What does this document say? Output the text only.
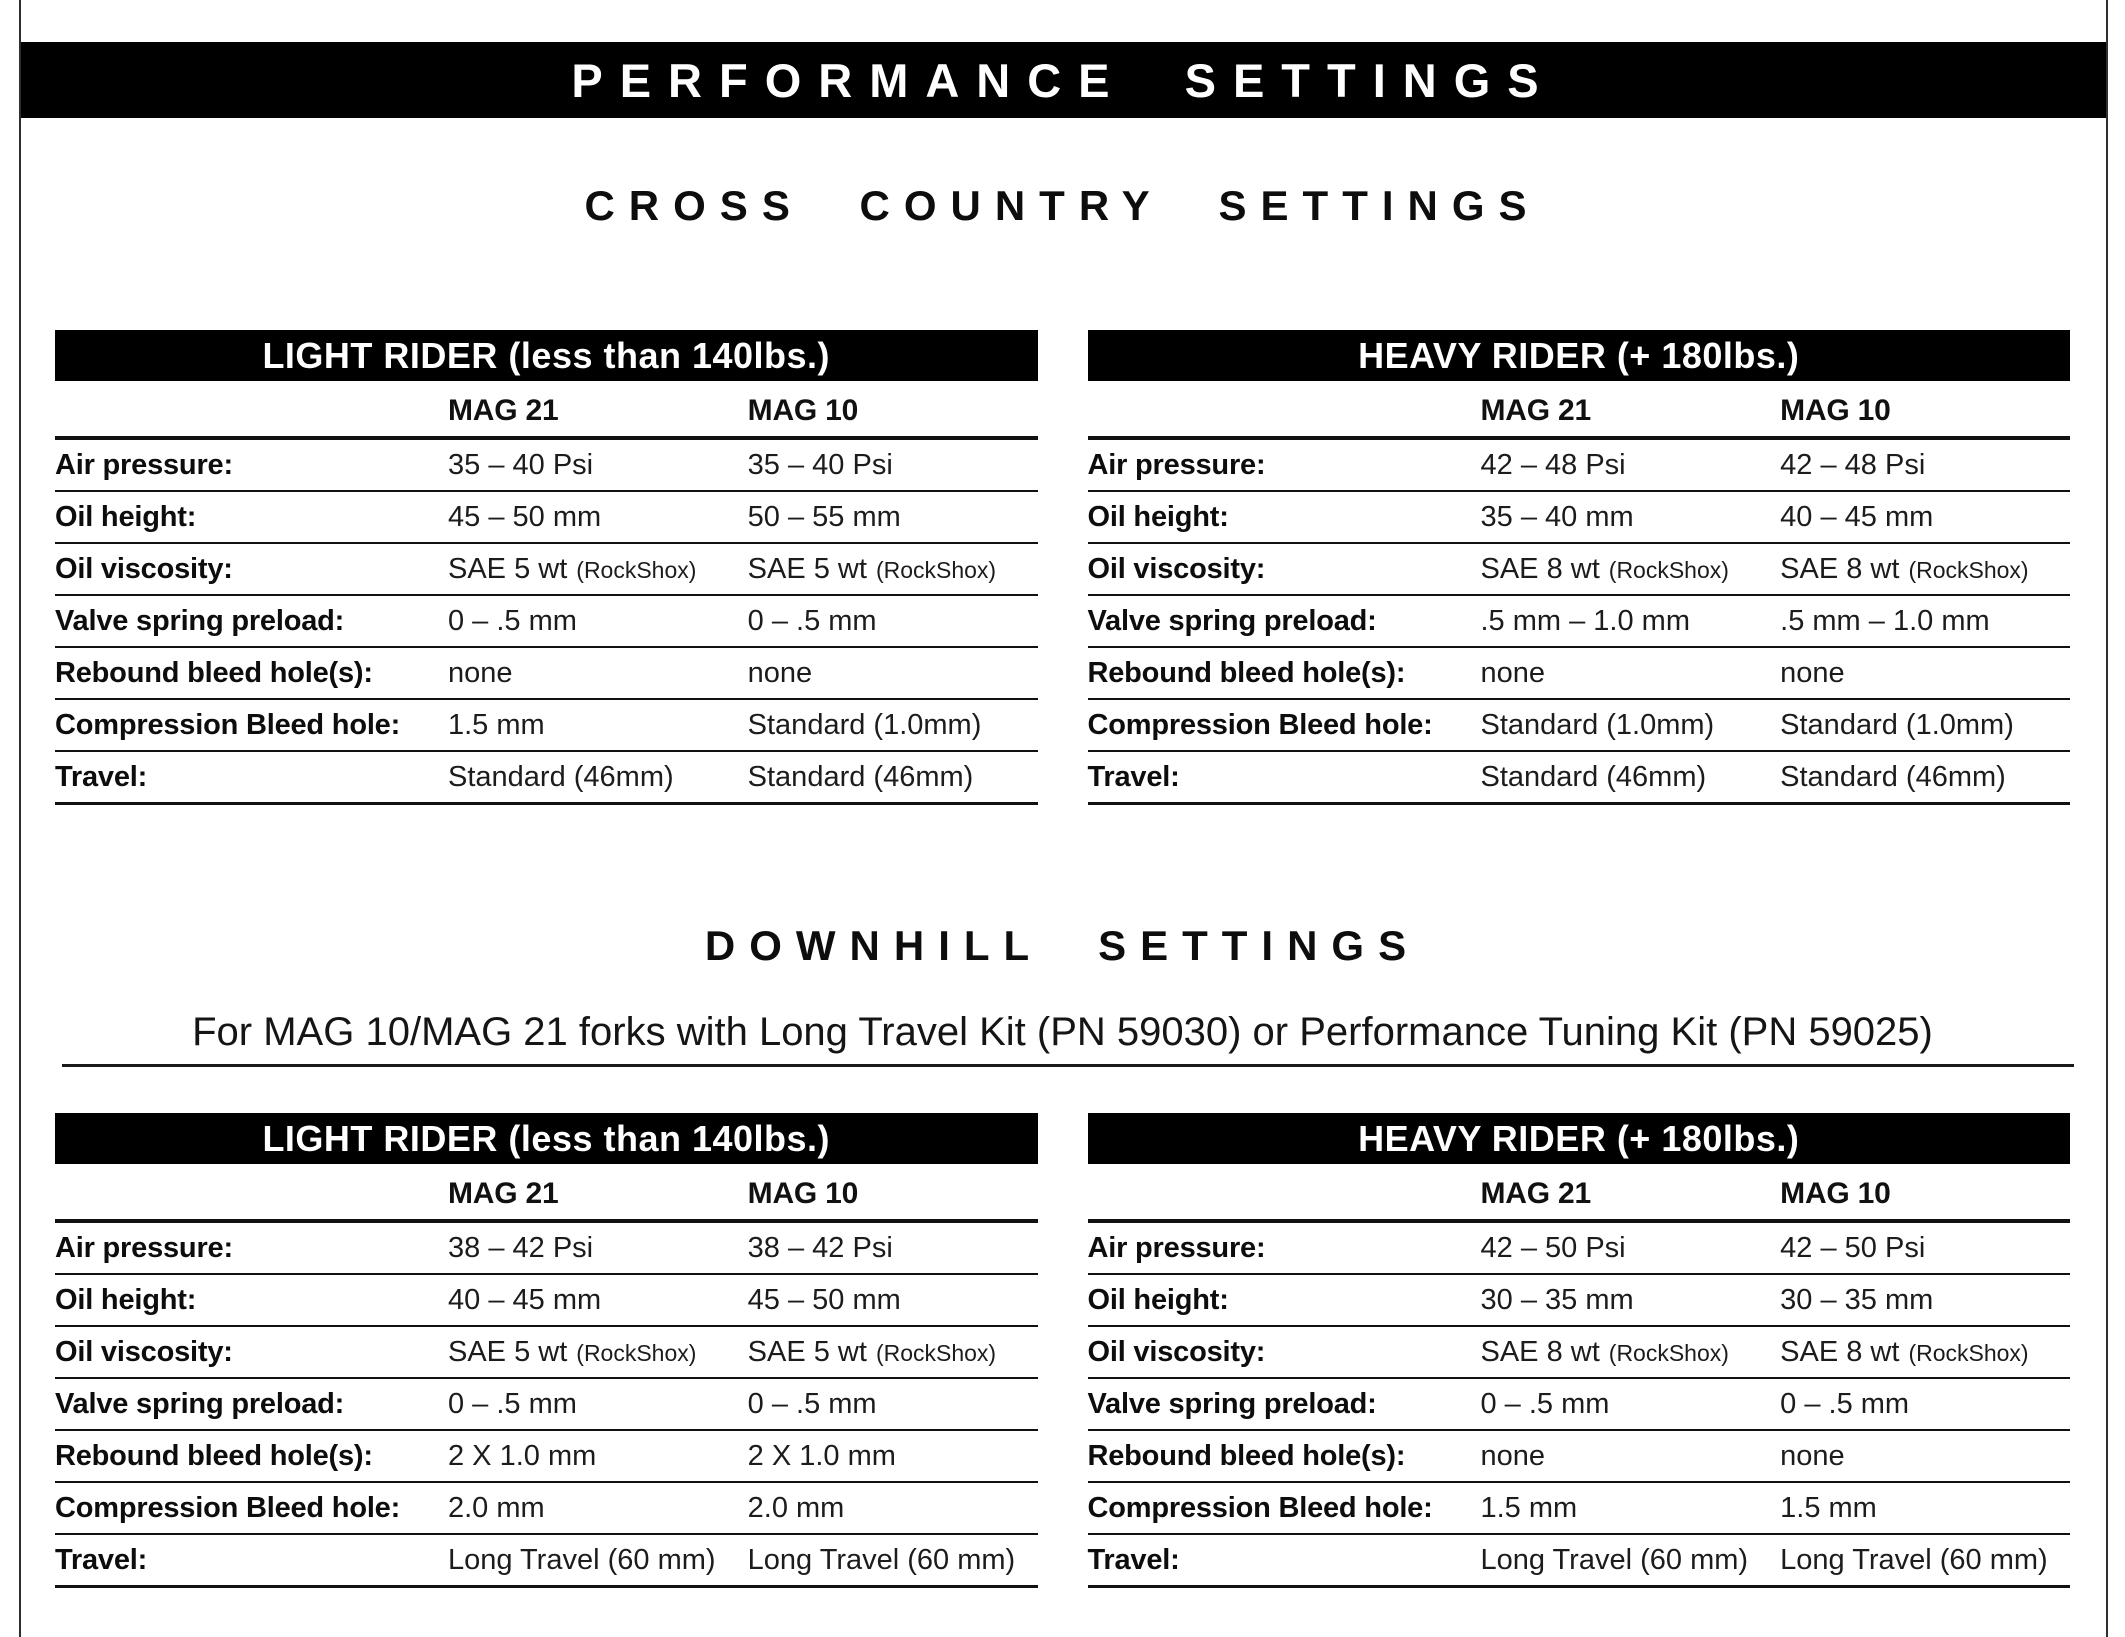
PERFORMANCE SETTINGS
CROSS COUNTRY SETTINGS
LIGHT RIDER (less than 140lbs.)
MAG 21	MAG 10
Air pressure:	35 – 40 Psi	35 – 40 Psi
Oil height:	45 – 50 mm	50 – 55 mm
Oil viscosity:	SAE 5 wt (RockShox)	SAE 5 wt (RockShox)
Valve spring preload:	0 – .5 mm	0 – .5 mm
Rebound bleed hole(s):	none	none
Compression Bleed hole:	1.5 mm	Standard (1.0mm)
Travel:	Standard (46mm)	Standard (46mm)
HEAVY RIDER (+ 180lbs.)
MAG 21	MAG 10
Air pressure:	42 – 48 Psi	42 – 48 Psi
Oil height:	35 – 40 mm	40 – 45 mm
Oil viscosity:	SAE 8 wt (RockShox)	SAE 8 wt (RockShox)
Valve spring preload:	.5 mm – 1.0 mm	.5 mm – 1.0 mm
Rebound bleed hole(s):	none	none
Compression Bleed hole:	Standard (1.0mm)	Standard (1.0mm)
Travel:	Standard (46mm)	Standard (46mm)
DOWNHILL SETTINGS

For MAG 10/MAG 21 forks with Long Travel Kit (PN 59030) or Performance Tuning Kit (PN 59025)

LIGHT RIDER (less than 140lbs.)
MAG 21	MAG 10
Air pressure:	38 – 42 Psi	38 – 42 Psi
Oil height:	40 – 45 mm	45 – 50 mm
Oil viscosity:	SAE 5 wt (RockShox)	SAE 5 wt (RockShox)
Valve spring preload:	0 – .5 mm	0 – .5 mm
Rebound bleed hole(s):	2 X 1.0 mm	2 X 1.0 mm
Compression Bleed hole:	2.0 mm	2.0 mm
Travel:	Long Travel (60 mm)	Long Travel (60 mm)
HEAVY RIDER (+ 180lbs.)
MAG 21	MAG 10
Air pressure:	42 – 50 Psi	42 – 50 Psi
Oil height:	30 – 35 mm	30 – 35 mm
Oil viscosity:	SAE 8 wt (RockShox)	SAE 8 wt (RockShox)
Valve spring preload:	0 – .5 mm	0 – .5 mm
Rebound bleed hole(s):	none	none
Compression Bleed hole:	1.5 mm	1.5 mm
Travel:	Long Travel (60 mm)	Long Travel (60 mm)
